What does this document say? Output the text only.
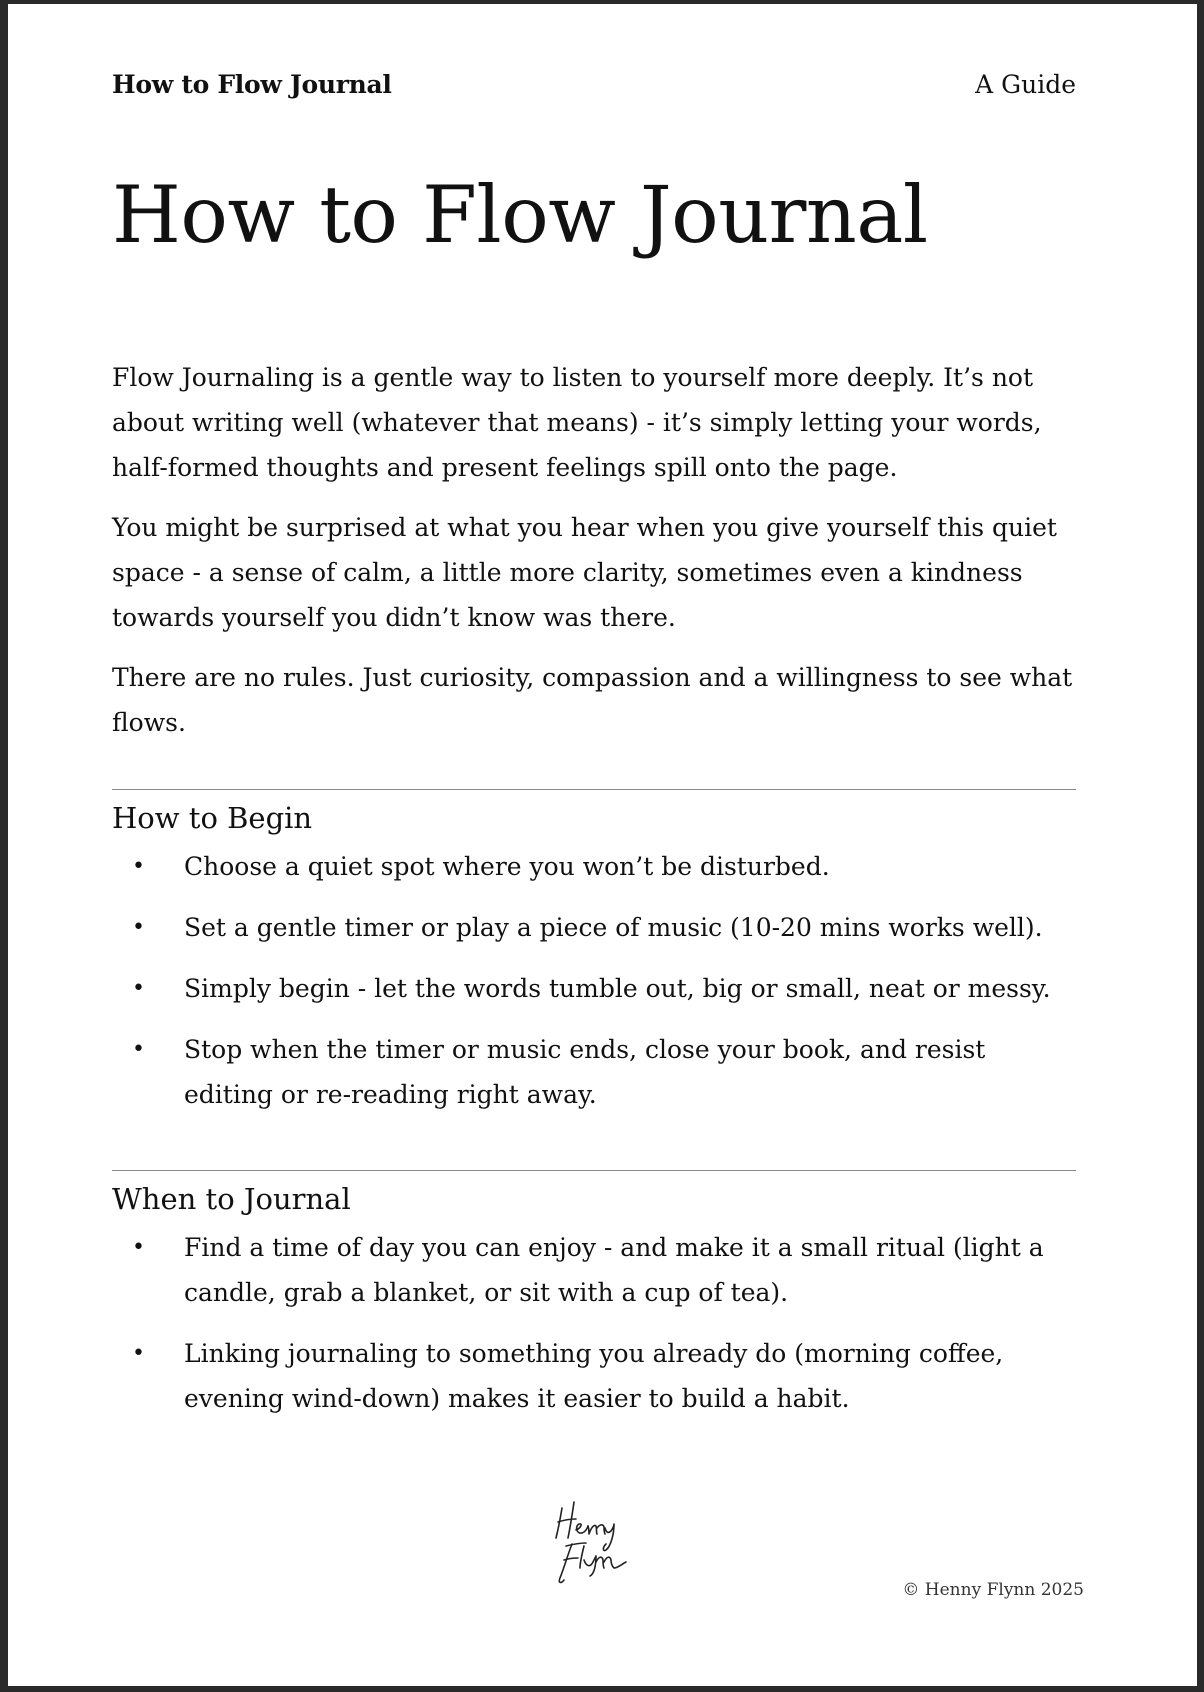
How to Flow Journal	A Guide
How to Flow Journal

Flow Journaling is a gentle way to listen to yourself more deeply. It’s not about writing well (whatever that means) - it’s simply letting your words, half-formed thoughts and present feelings spill onto the page.

You might be surprised at what you hear when you give yourself this quiet space - a sense of calm, a little more clarity, sometimes even a kindness towards yourself you didn’t know was there.

There are no rules. Just curiosity, compassion and a willingness to see what flows.

How to Begin
• Choose a quiet spot where you won’t be disturbed.
• Set a gentle timer or play a piece of music (10-20 mins works well).
• Simply begin - let the words tumble out, big or small, neat or messy.
• Stop when the timer or music ends, close your book, and resist editing or re-reading right away.
When to Journal
• Find a time of day you can enjoy - and make it a small ritual (light a candle, grab a blanket, or sit with a cup of tea).
• Linking journaling to something you already do (morning coffee, evening wind-down) makes it easier to build a habit.
© Henny Flynn 2025
